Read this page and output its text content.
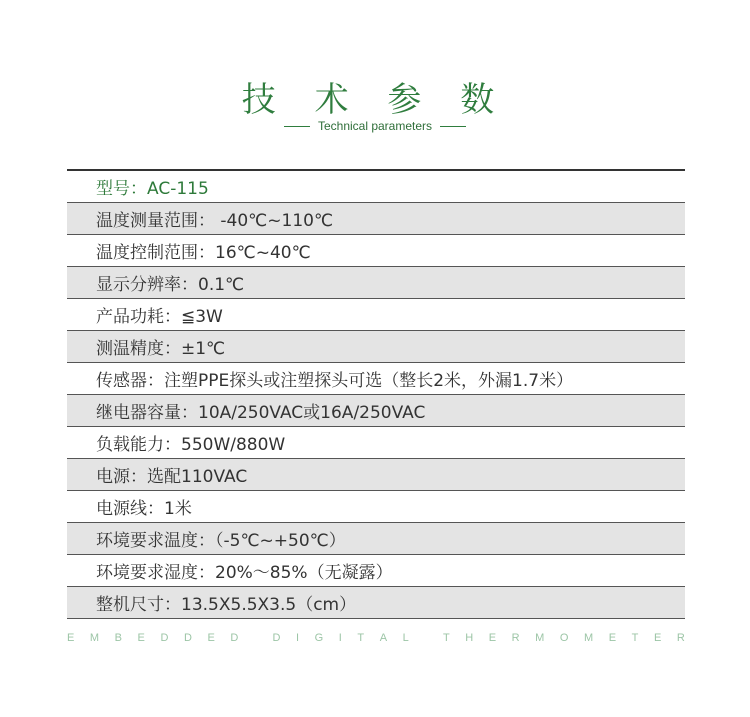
技 术 参 数
Technical parameters
型号：AC-115
温度测量范围： -40℃~110℃
温度控制范围：16℃~40℃
显示分辨率：0.1℃
产品功耗：≦3W
测温精度：±1℃
传感器：注塑PPE探头或注塑探头可选（整长2米，外漏1.7米）
继电器容量：10A/250VAC或16A/250VAC
负载能力：550W/880W
电源：选配110VAC
电源线：1米
环境要求温度：（-5℃~+50℃）
环境要求湿度：20%～85%（无凝露）
整机尺寸：13.5X5.5X3.5（cm）
E M B E D D E D
	D I G I T A L
	T H E R M O M E T E R
